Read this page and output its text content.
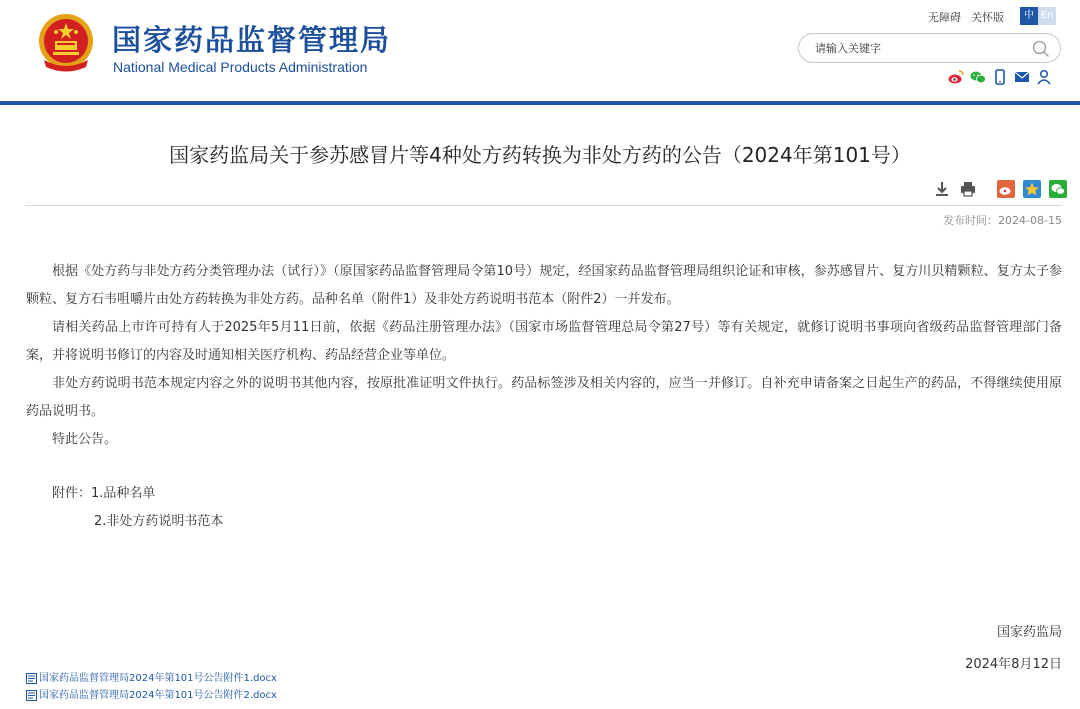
国家药品监督管理局
National Medical Products Administration
无障碍 关怀版	中 En
请输入关键字
国家药监局关于参苏感冒片等4种处方药转换为非处方药的公告（2024年第101号）
发布时间：2024-08-15

根据《处方药与非处方药分类管理办法（试行）》（原国家药品监督管理局令第10号）规定，经国家药品监督管理局组织论证和审核，参苏感冒片、复方川贝精颗粒、复方太子参颗粒、复方石韦咀嚼片由处方药转换为非处方药。品种名单（附件1）及非处方药说明书范本（附件2）一并发布。

请相关药品上市许可持有人于2025年5月11日前，依据《药品注册管理办法》（国家市场监督管理总局令第27号）等有关规定，就修订说明书事项向省级药品监督管理部门备案，并将说明书修订的内容及时通知相关医疗机构、药品经营企业等单位。

非处方药说明书范本规定内容之外的说明书其他内容，按原批准证明文件执行。药品标签涉及相关内容的，应当一并修订。自补充申请备案之日起生产的药品，不得继续使用原药品说明书。

特此公告。

附件：1.品种名单
2.非处方药说明书范本
国家药监局
2024年8月12日
国家药品监督管理局2024年第101号公告附件1.docx
国家药品监督管理局2024年第101号公告附件2.docx
